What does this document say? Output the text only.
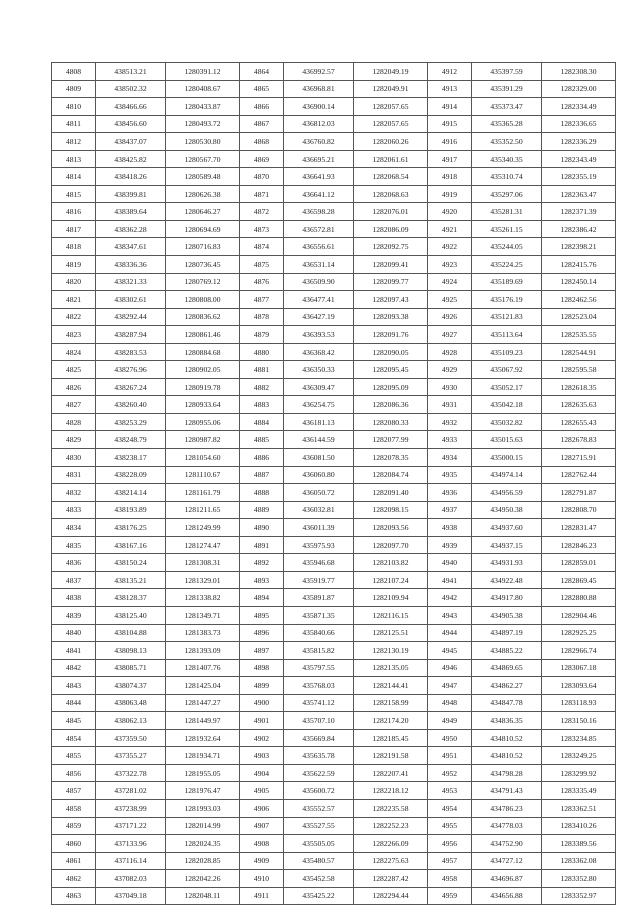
4808	438513.21	1280391.12	4864	436992.57	1282049.19	4912	435397.59	1282308.30
4809	438502.32	1280408.67	4865	436968.81	1282049.91	4913	435391.29	1282329.00
4810	438466.66	1280433.87	4866	436900.14	1282057.65	4914	435373.47	1282334.49
4811	438456.60	1280493.72	4867	436812.03	1282057.65	4915	435365.28	1282336.65
4812	438437.07	1280530.80	4868	436760.82	1282060.26	4916	435352.50	1282336.29
4813	438425.82	1280567.70	4869	436695.21	1282061.61	4917	435340.35	1282343.49
4814	438418.26	1280589.48	4870	436641.93	1282068.54	4918	435310.74	1282355.19
4815	438399.81	1280626.38	4871	436641.12	1282068.63	4919	435297.06	1282363.47
4816	438389.64	1280646.27	4872	436598.28	1282076.01	4920	435281.31	1282371.39
4817	438362.28	1280694.69	4873	436572.81	1282086.09	4921	435261.15	1282386.42
4818	438347.61	1280716.83	4874	436556.61	1282092.75	4922	435244.05	1282398.21
4819	438336.36	1280736.45	4875	436531.14	1282099.41	4923	435224.25	1282415.76
4820	438321.33	1280769.12	4876	436509.90	1282099.77	4924	435189.69	1282450.14
4821	438302.61	1280808.00	4877	436477.41	1282097.43	4925	435176.19	1282462.56
4822	438292.44	1280836.62	4878	436427.19	1282093.38	4926	435121.83	1282523.04
4823	438287.94	1280861.46	4879	436393.53	1282091.76	4927	435113.64	1282535.55
4824	438283.53	1280884.68	4880	436368.42	1282090.05	4928	435109.23	1282544.91
4825	438276.96	1280902.05	4881	436350.33	1282095.45	4929	435067.92	1282595.58
4826	438267.24	1280919.78	4882	436309.47	1282095.09	4930	435052.17	1282618.35
4827	438260.40	1280933.64	4883	436254.75	1282086.36	4931	435042.18	1282635.63
4828	438253.29	1280955.06	4884	436181.13	1282080.33	4932	435032.82	1282655.43
4829	438248.79	1280987.82	4885	436144.59	1282077.99	4933	435015.63	1282678.83
4830	438238.17	1281054.60	4886	436081.50	1282078.35	4934	435000.15	1282715.91
4831	438228.09	1281110.67	4887	436060.80	1282084.74	4935	434974.14	1282762.44
4832	438214.14	1281161.79	4888	436050.72	1282091.40	4936	434956.59	1282791.87
4833	438193.89	1281211.65	4889	436032.81	1282098.15	4937	434950.38	1282808.70
4834	438176.25	1281249.99	4890	436011.39	1282093.56	4938	434937.60	1282831.47
4835	438167.16	1281274.47	4891	435975.93	1282097.70	4939	434937.15	1282846.23
4836	438150.24	1281308.31	4892	435946.68	1282103.82	4940	434931.93	1282859.01
4837	438135.21	1281329.01	4893	435919.77	1282107.24	4941	434922.48	1282869.45
4838	438128.37	1281338.82	4894	435891.87	1282109.94	4942	434917.80	1282880.88
4839	438125.40	1281349.71	4895	435871.35	1282116.15	4943	434905.38	1282904.46
4840	438104.88	1281383.73	4896	435840.66	1282125.51	4944	434897.19	1282925.25
4841	438098.13	1281393.09	4897	435815.82	1282130.19	4945	434885.22	1282966.74
4842	438085.71	1281407.76	4898	435797.55	1282135.05	4946	434869.65	1283067.18
4843	438074.37	1281425.04	4899	435768.03	1282144.41	4947	434862.27	1283093.64
4844	438063.48	1281447.27	4900	435741.12	1282158.99	4948	434847.78	1283118.93
4845	438062.13	1281449.97	4901	435707.10	1282174.20	4949	434836.35	1283150.16
4854	437359.50	1281932.64	4902	435669.84	1282185.45	4950	434810.52	1283234.85
4855	437355.27	1281934.71	4903	435635.78	1282191.58	4951	434810.52	1283249.25
4856	437322.78	1281955.05	4904	435622.59	1282207.41	4952	434798.28	1283299.92
4857	437281.02	1281976.47	4905	435600.72	1282218.12	4953	434791.43	1283335.49
4858	437238.99	1281993.03	4906	435552.57	1282235.58	4954	434786.23	1283362.51
4859	437171.22	1282014.99	4907	435527.55	1282252.23	4955	434778.03	1283410.26
4860	437133.96	1282024.35	4908	435505.05	1282266.09	4956	434752.90	1283389.56
4861	437116.14	1282028.85	4909	435480.57	1282275.63	4957	434727.12	1283362.08
4862	437082.03	1282042.26	4910	435452.58	1282287.42	4958	434696.87	1283352.80
4863	437049.18	1282048.11	4911	435425.22	1282294.44	4959	434656.88	1283352.97
